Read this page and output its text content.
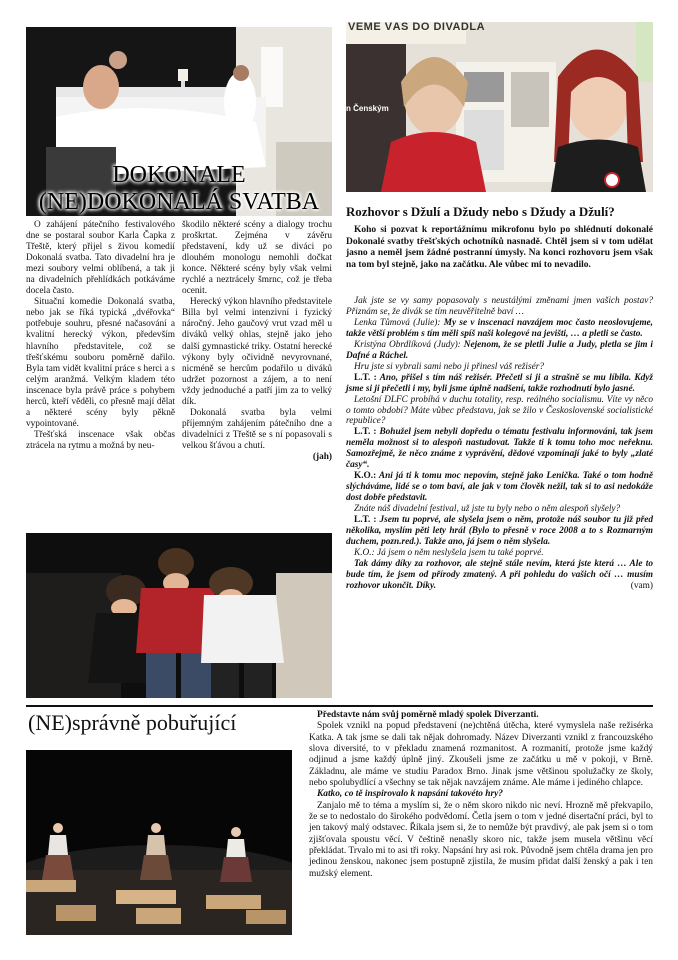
DOKONALE
(NE)DOKONALÁ SVATBA
VEME VÁS DO DIVADLA
n Čenským

O zahájení pátečního festivalového dne se postaral soubor Karla Čapka z Třeště, který přijel s živou komedií Dokonalá svatba. Tato divadelní hra je mezi soubory velmi oblíbená, a tak ji na divadelních přehlídkách potkáváme docela často.

Situační komedie Dokonalá svatba, nebo jak se říká typická „dvéřovka“ potřebuje souhru, přesné načasování a kvalitní herecký výkon, především hlavního představitele, což se třešťskému souboru poměrně dařilo. Byla tam vidět kvalitní práce s herci a s celým aranžmá. Velkým kladem této inscenace byla právě práce s pohybem herců, kteří věděli, co přesně mají dělat a některé scény byly pěkně vypointované.

Třešťská inscenace však občas ztrácela na rytmu a možná by neu-

škodilo některé scény a dialogy trochu proškrtat. Zejména v závěru představení, kdy už se diváci po dlouhém monologu nemohli dočkat konce. Některé scény byly však velmi rychlé a neztrácely šmrnc, což je třeba ocenit.

Herecký výkon hlavního představitele Billa byl velmi intenzivní i fyzický náročný. Jeho gaučový vrut vzad měl u diváků velký ohlas, stejně jako jeho další gymnastické triky. Ostatní herecké výkony byly očividně nevyrovnané, nicméně se hercům podařilo u diváků udržet pozornost a zájem, a to není vždy jednoduché a patří jim za to velký dík.

Dokonalá svatba byla velmi příjemným zahájením pátečního dne a divadelníci z Třeště se s ní popasovali s velkou šťávou a chutí.

(jah)

Rozhovor s Džulí a Džudy nebo s Džudy a Džulí?
Koho si pozvat k reportážnímu mikrofonu bylo po shlédnutí dokonalé Dokonalé svatby třešťských ochotníků nasnadě. Chtěl jsem si v tom udělat jasno a neměl jsem žádné postranní úmysly. Na konci rozhovoru jsem však na tom byl stejně, jako na začátku. Ale vůbec mi to nevadilo.

Jak jste se vy samy popasovaly s neustálými změnami jmen vašich postav? Přiznám se, že divák se tím neuvěřitelně baví …

Lenka Tůmová (Julie): My se v inscenaci navzájem moc často neoslovujeme, takže větší problém s tím měli spíš naši kolegové na jevišti, … a pletli se často.

Kristýna Obrdlíková (Judy): Nejenom, že se pletli Julie a Judy, pletla se jim i Dafné a Ráchel.

Hru jste si vybrali sami nebo ji přinesl váš režisér?

L.T. : Ano, přišel s tím náš režisér. Přečetl si ji a strašně se mu líbila. Když jsme si ji přečetli i my, byli jsme úplně nadšení, takže rozhodnutí bylo jasné.

Letošní DLFC probíhá v duchu totality, resp. reálného socialismu. Víte vy něco o tomto období? Máte vůbec představu, jak se žilo v Československé socialistické republice?

L.T. : Bohužel jsem nebyli dopředu o tématu festivalu informováni, tak jsem neměla možnost si to alespoň nastudovat. Takže ti k tomu toho moc neřeknu. Samozřejmě, že něco známe z vyprávění, dědové vzpomínají jaké to byly „zlaté časy“.

K.O.: Ani já ti k tomu moc nepovím, stejně jako Lenička. Také o tom hodně slýcháváme, lidé se o tom baví, ale jak v tom člověk nežil, tak si to asi nedokáže dost dobře představit.

Znáte náš divadelní festival, už jste tu byly nebo o něm alespoň slyšely?

L.T. : Jsem tu poprvé, ale slyšela jsem o něm, protože náš soubor tu již před několika, myslím pěti lety hrál (Bylo to přesně v roce 2008 a to s Rozmarným duchem, pozn.red.). Takže ano, já jsem o něm slyšela.

K.O.: Já jsem o něm neslyšela jsem tu také poprvé.

Tak dámy díky za rozhovor, ale stejně stále nevím, která jste která … Ale to bude tím, že jsem od přírody zmatený. A při pohledu do vašich očí … musím rozhovor ukončit. Díky.	(vam)

(NE)správně pobuřující	Představte nám svůj poměrně mladý spolek Diverzanti.

Spolek vznikl na popud představení (ne)chtěná útěcha, které vymyslela naše režisérka Katka. A tak jsme se dali tak nějak dohromady. Název Diverzanti vznikl z francouzského slova diversité, to v překladu znamená rozmanitost. A rozmanití, protože jsme každý odjinud a jsme každý úplně jiný. Zkoušeli jsme ze začátku u mě v pokoji, v Brně. Základnu, ale máme ve studiu Paradox Brno. Jinak jsme většinou spolužačky ze školy, nebo spolubydlící a všechny se tak nějak navzájem známe. Ale máme i jediného chlapce.

Katko, co tě inspirovalo k napsání takovéto hry?

Zanjalo mě to téma a myslím si, že o něm skoro nikdo nic neví. Hrozně mě překvapilo, že se to nedostalo do širokého podvědomí. Četla jsem o tom v jedné disertační práci, byl to jen takový malý odstavec. Říkala jsem si, že to nemůže být pravdivý, ale pak jsem si o tom zjišťovala spoustu věcí. V češtině nenašly skoro nic, takže jsem musela většinu věcí překládat. Trvalo mi to asi tři roky. Napsání hry asi rok. Původně jsem chtěla drama jen pro jedinou ženskou, nakonec jsem postupně zjistila, že musím přidat další ženský a pak i ten mužský element.
